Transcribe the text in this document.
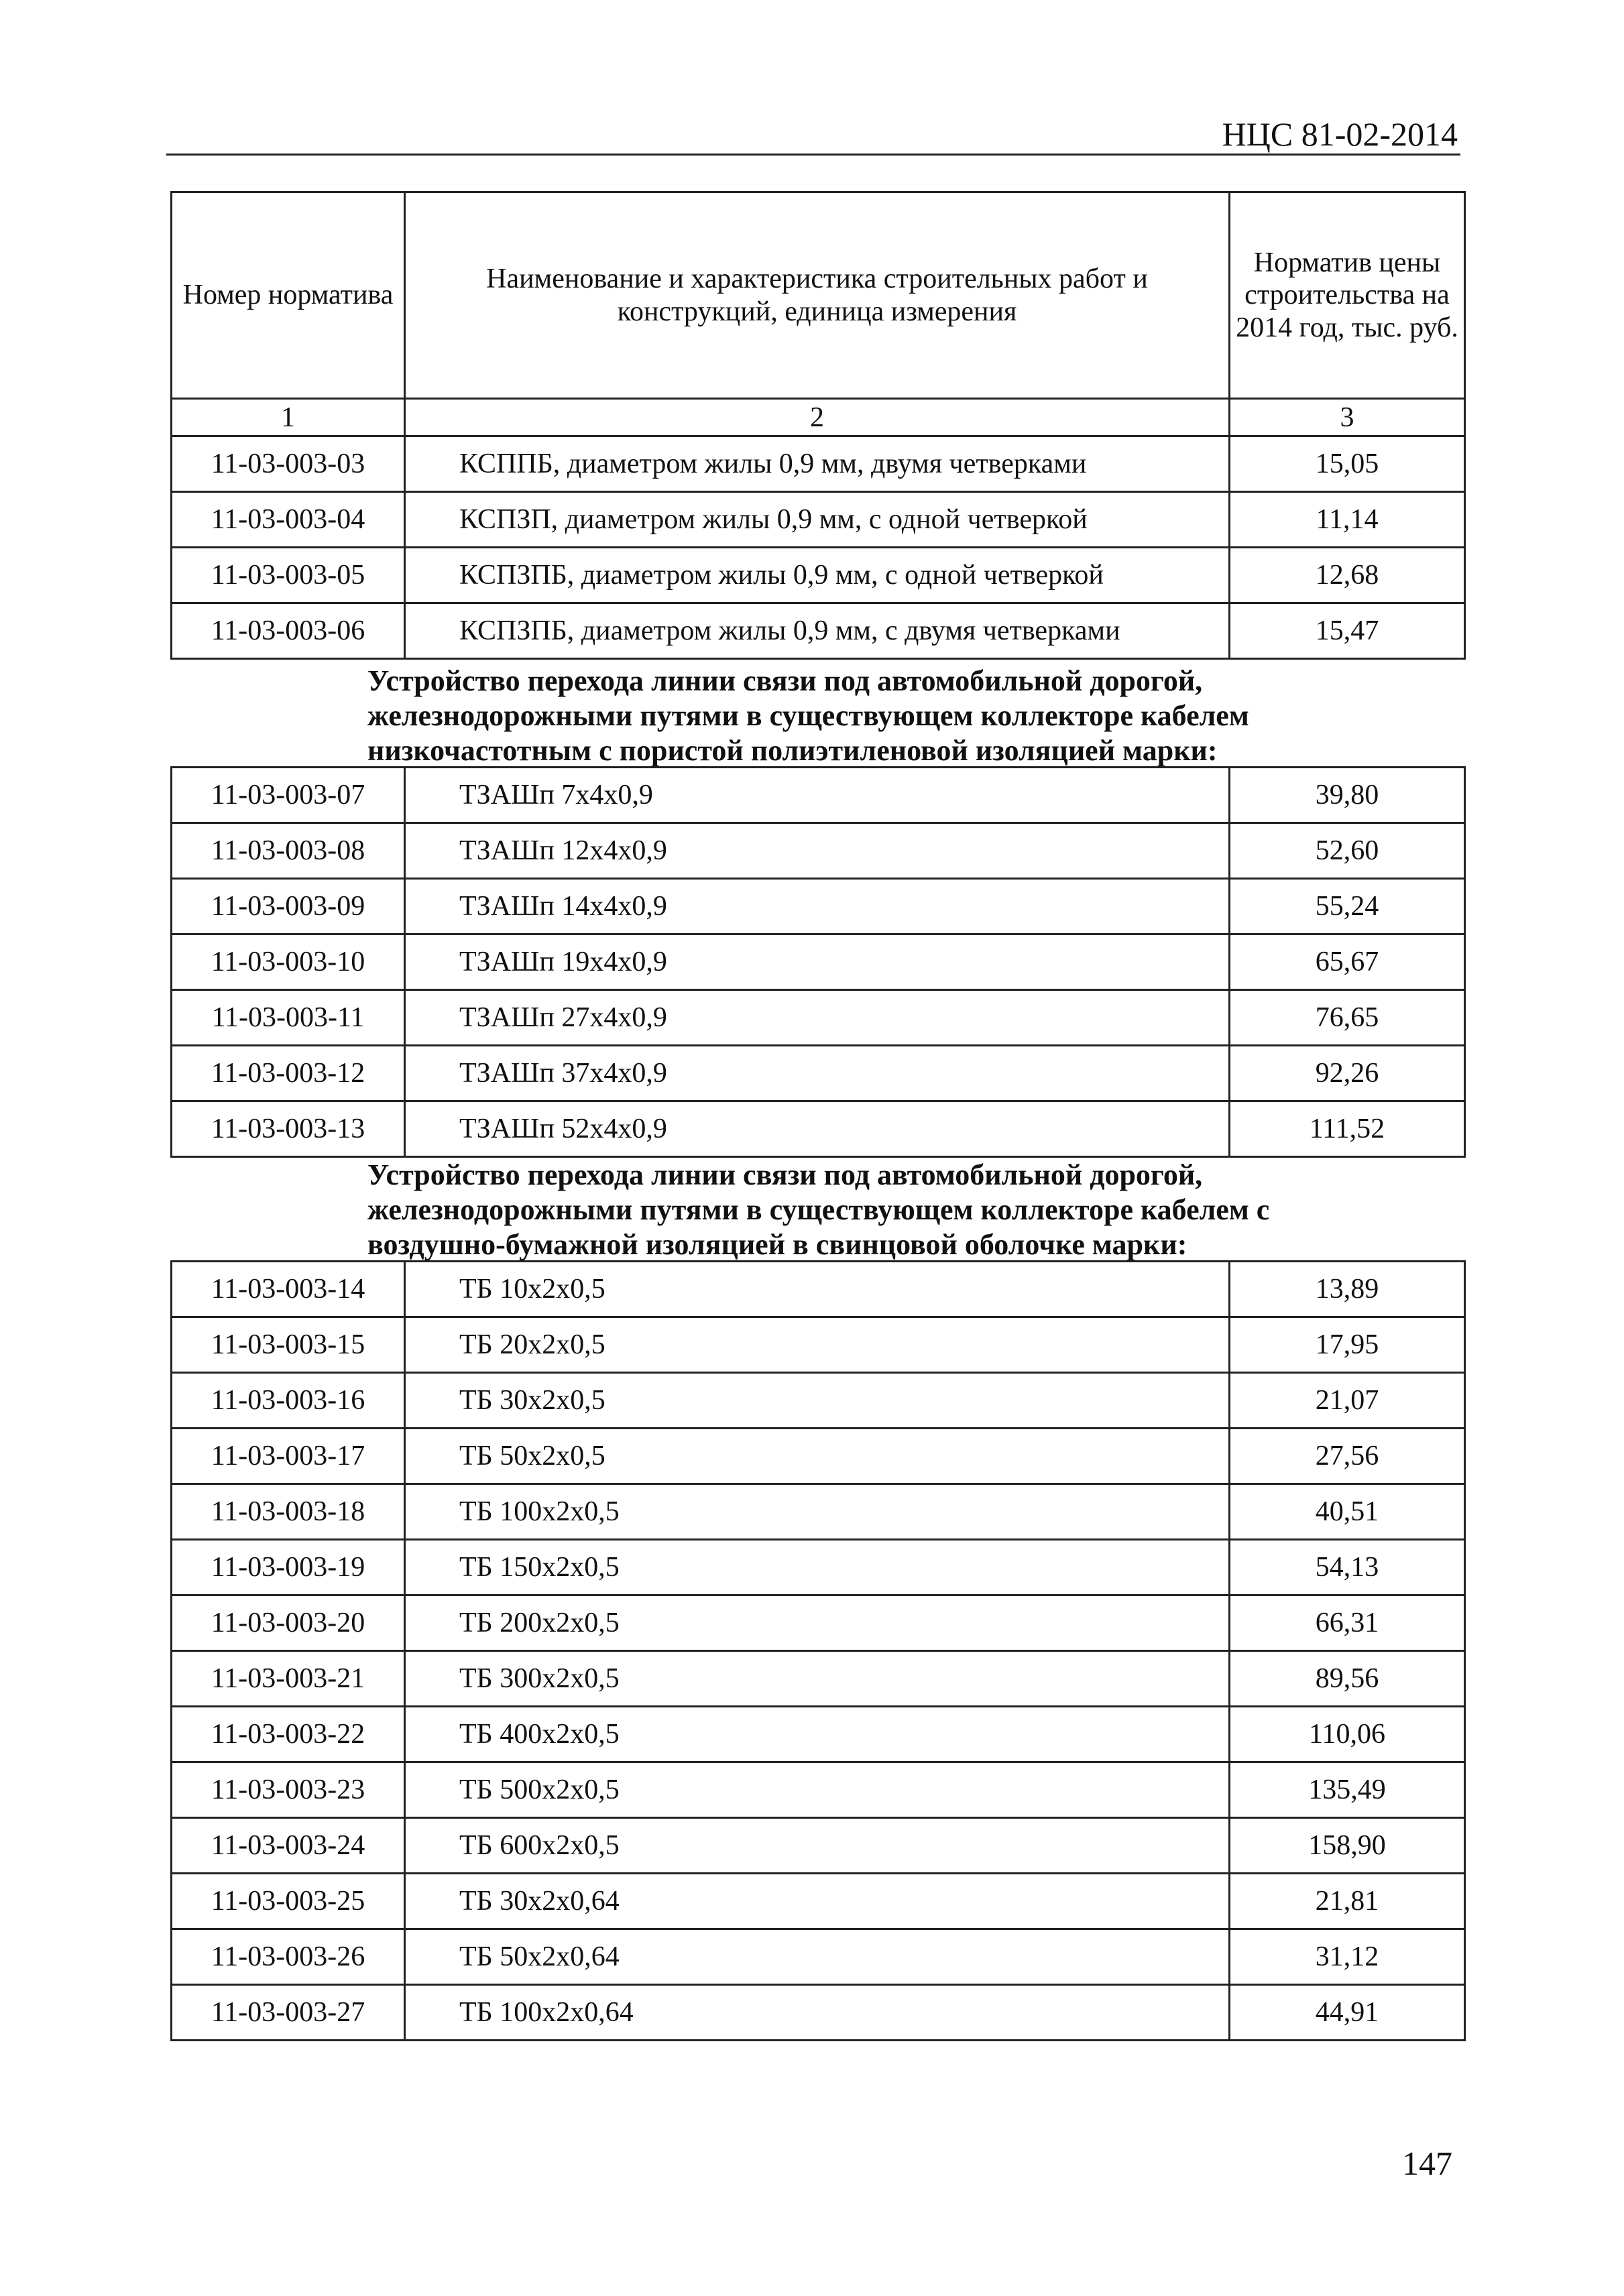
НЦС 81-02-2014
Номер норматива	Наименование и характеристика строительных работ и конструкций, единица измерения	Норматив цены строительства на 2014 год, тыс. руб.
1	2	3
11-03-003-03	КСППБ, диаметром жилы 0,9 мм, двумя четверками	15,05
11-03-003-04	КСПЗП, диаметром жилы 0,9 мм, с одной четверкой	11,14
11-03-003-05	КСПЗПБ, диаметром жилы 0,9 мм, с одной четверкой	12,68
11-03-003-06	КСПЗПБ, диаметром жилы 0,9 мм, с двумя четверками	15,47
Устройство перехода линии связи под автомобильной дорогой,
железнодорожными путями в существующем коллекторе кабелем
низкочастотным с пористой полиэтиленовой изоляцией марки:
11-03-003-07	ТЗАШп 7х4х0,9	39,80
11-03-003-08	ТЗАШп 12х4х0,9	52,60
11-03-003-09	ТЗАШп 14х4х0,9	55,24
11-03-003-10	ТЗАШп 19х4х0,9	65,67
11-03-003-11	ТЗАШп 27х4х0,9	76,65
11-03-003-12	ТЗАШп 37х4х0,9	92,26
11-03-003-13	ТЗАШп 52х4х0,9	111,52
Устройство перехода линии связи под автомобильной дорогой,
железнодорожными путями в существующем коллекторе кабелем с
воздушно-бумажной изоляцией в свинцовой оболочке марки:
11-03-003-14	ТБ 10х2х0,5	13,89
11-03-003-15	ТБ 20х2х0,5	17,95
11-03-003-16	ТБ 30х2х0,5	21,07
11-03-003-17	ТБ 50х2х0,5	27,56
11-03-003-18	ТБ 100х2х0,5	40,51
11-03-003-19	ТБ 150х2х0,5	54,13
11-03-003-20	ТБ 200х2х0,5	66,31
11-03-003-21	ТБ 300х2х0,5	89,56
11-03-003-22	ТБ 400х2х0,5	110,06
11-03-003-23	ТБ 500х2х0,5	135,49
11-03-003-24	ТБ 600х2х0,5	158,90
11-03-003-25	ТБ 30х2х0,64	21,81
11-03-003-26	ТБ 50х2х0,64	31,12
11-03-003-27	ТБ 100х2х0,64	44,91
147
